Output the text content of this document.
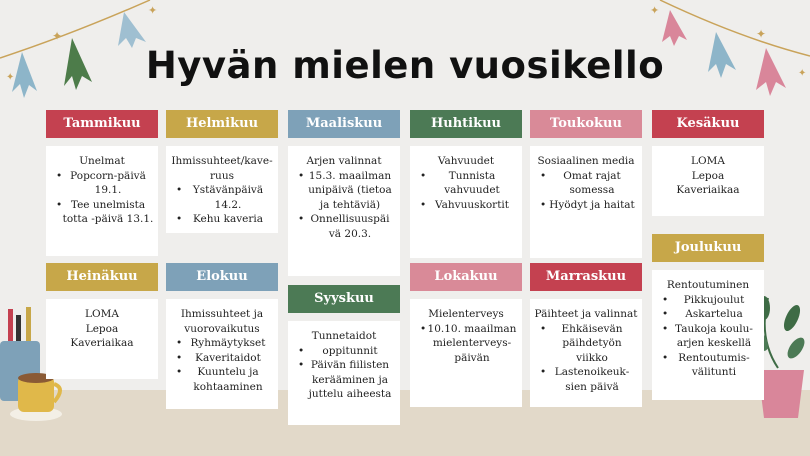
✦
✦
✦	✦
✦
✦
Hyvän mielen vuosikello
Tammikuu
Unelmat
• Popcorn-päivä 19.1.
• Tee unelmista totta -päivä 13.1.
Helmikuu
Ihmissuhteet/kave-ruus
• Ystävänpäivä 14.2.
• Kehu kaveria
Maaliskuu
Arjen valinnat
• 15.3. maailman unipäivä (tietoa ja tehtäviä)
• Onnellisuuspäi vä 20.3.
Huhtikuu
Vahvuudet
• Tunnista vahvuudet
• Vahvuuskortit
Toukokuu
Sosiaalinen media
• Omat rajat somessa
• Hyödyt ja haitat
Kesäkuu
LOMA
Lepoa
Kaveriaikaa
Heinäkuu
LOMA
Lepoa
Kaveriaikaa
Elokuu
Ihmissuhteet ja vuorovaikutus
• Ryhmäytykset
• Kaveritaidot
• Kuuntelu ja kohtaaminen
Syyskuu
Tunnetaidot
• oppitunnit
• Päivän fiilisten kerääminen ja juttelu aiheesta
Lokakuu
Mielenterveys
• 10.10. maailman mielenterveys-päivän
Marraskuu
Päihteet ja valinnat
• Ehkäisevän päihdetyön viikko
• Lastenoikeuk-sien päivä
Joulukuu
Rentoutuminen
• Pikkujoulut
• Askartelua
• Taukoja kouluarjen keskellä
• Rentoutumis-välitunti
